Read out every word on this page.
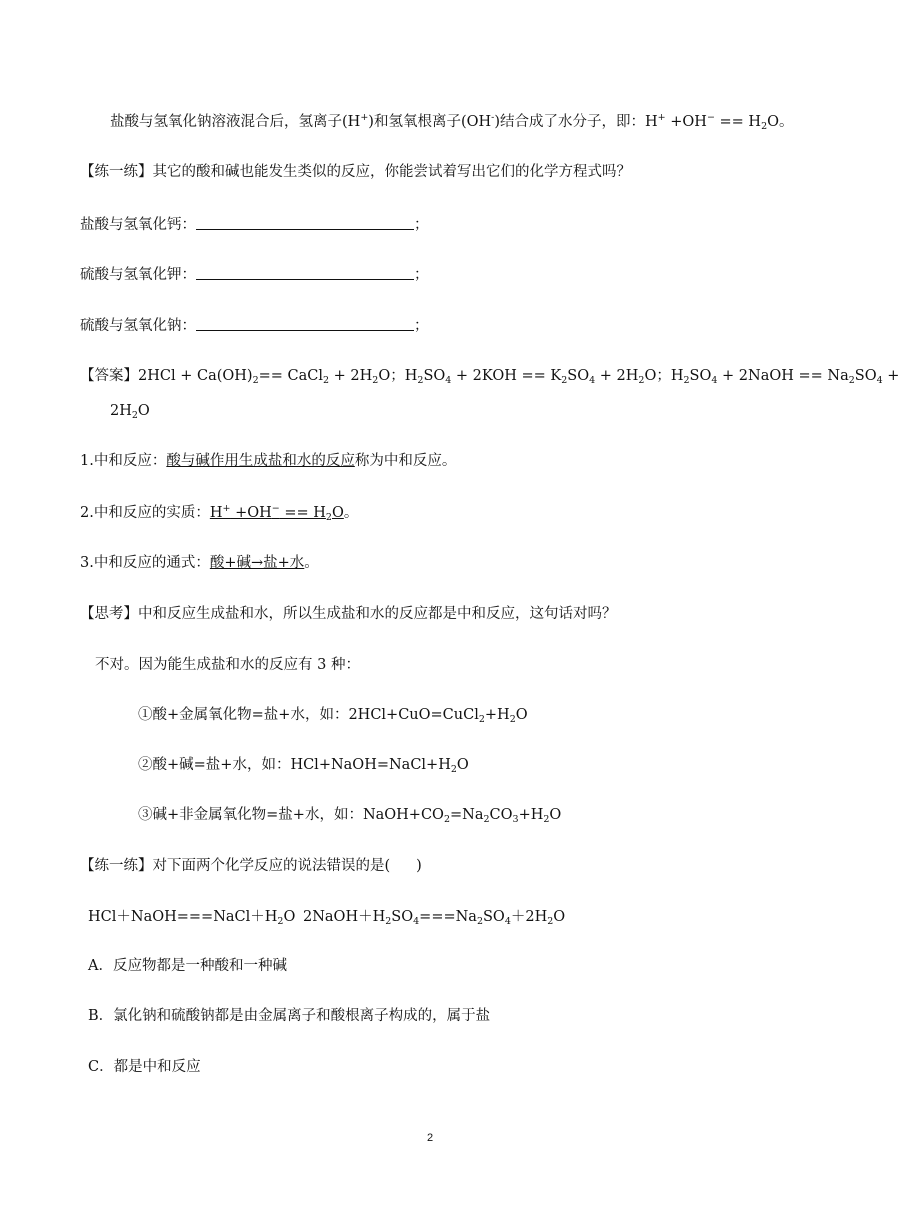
盐酸与氢氧化钠溶液混合后，氢离子(H+)和氢氧根离子(OH-)结合成了水分子，即：$H^+ +OH^- == H_2O$。
【练一练】其它的酸和碱也能发生类似的反应，你能尝试着写出它们的化学方程式吗？
盐酸与氢氧化钙：	；
硫酸与氢氧化钾：	；
硫酸与氢氧化钠：	；
【答案】$2HCl + Ca(OH)_2==$ CaCl$_2$ + $2H_2O$；$H_2SO_4 + 2KOH == K_2SO_4 + 2H_2O$；$H_2SO_4$ + 2NaOH == $Na_2SO_4$ +
$2H_2O$
1.中和反应：酸与碱作用生成盐和水的反应称为中和反应。
2.中和反应的实质：$H^+ +OH^- == H_2O$。
3.中和反应的通式：酸+碱→盐+水。
【思考】中和反应生成盐和水，所以生成盐和水的反应都是中和反应，这句话对吗？
不对。因为能生成盐和水的反应有 3 种：
①酸+金属氧化物=盐+水，如：$2HCl+CuO=CuCl_2+H_2O$
②酸+碱=盐+水，如：$HCl+NaOH=NaCl+H_2O$
③碱+非金属氧化物=盐+水，如：$NaOH+CO_2=Na_2CO_3+H_2O$
【练一练】对下面两个化学反应的说法错误的是( )
$HCl+NaOH===NaCl+H_2O$ $2NaOH+H_2SO_4===Na_2SO_4+2H_2O$
A．反应物都是一种酸和一种碱
B．氯化钠和硫酸钠都是由金属离子和酸根离子构成的，属于盐
C．都是中和反应
2
